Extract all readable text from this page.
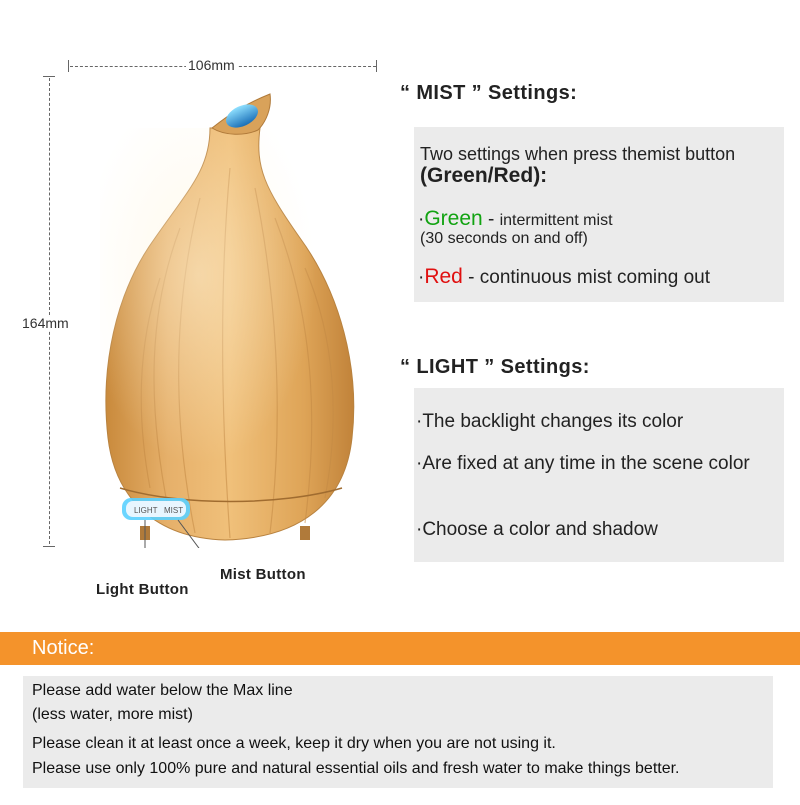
106mm
164mm
LIGHT MIST
Light Button
Mist Button
“ MIST ” Settings:
Two settings when press themist button
(Green/Red):
·Green - intermittent mist
(30 seconds on and off)
·Red - continuous mist coming out
“ LIGHT ” Settings:
·The backlight changes its color
·Are fixed at any time in the scene color
·Choose a color and shadow
Notice:
Please add water below the Max line
(less water, more mist)
Please clean it at least once a week, keep it dry when you are not using it.
Please use only 100% pure and natural essential oils and fresh water to make things better.
